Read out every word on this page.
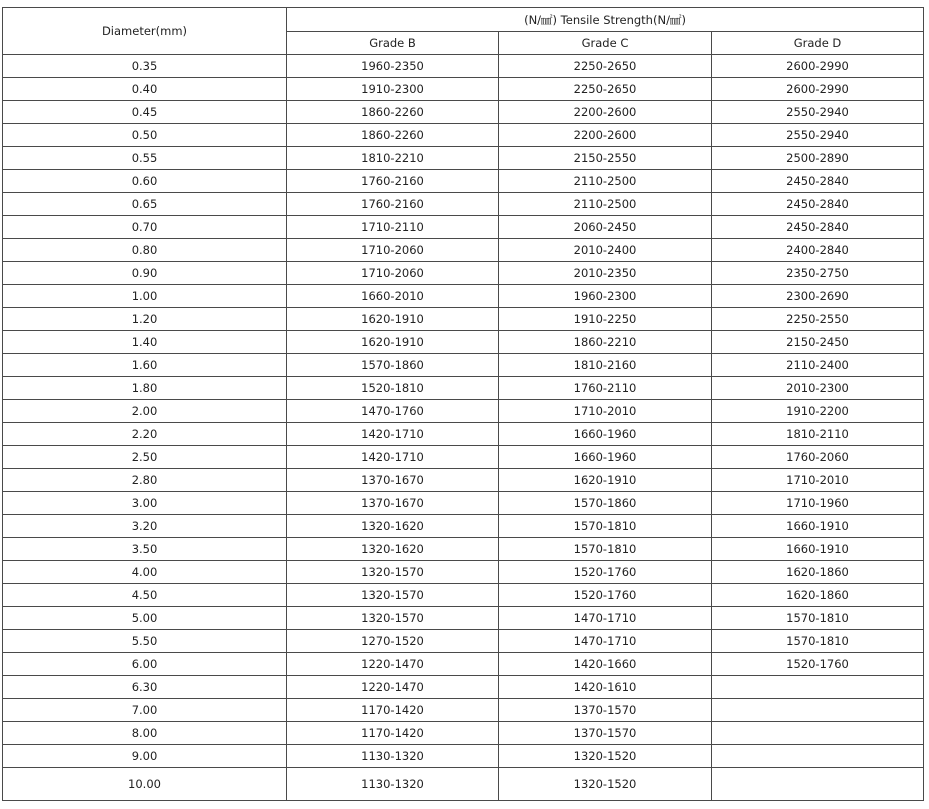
Diameter(mm)	(N/㎟) Tensile Strength(N/㎟)		
	Grade B	Grade C	Grade D
0.35	1960-2350	2250-2650	2600-2990
0.40	1910-2300	2250-2650	2600-2990
0.45	1860-2260	2200-2600	2550-2940
0.50	1860-2260	2200-2600	2550-2940
0.55	1810-2210	2150-2550	2500-2890
0.60	1760-2160	2110-2500	2450-2840
0.65	1760-2160	2110-2500	2450-2840
0.70	1710-2110	2060-2450	2450-2840
0.80	1710-2060	2010-2400	2400-2840
0.90	1710-2060	2010-2350	2350-2750
1.00	1660-2010	1960-2300	2300-2690
1.20	1620-1910	1910-2250	2250-2550
1.40	1620-1910	1860-2210	2150-2450
1.60	1570-1860	1810-2160	2110-2400
1.80	1520-1810	1760-2110	2010-2300
2.00	1470-1760	1710-2010	1910-2200
2.20	1420-1710	1660-1960	1810-2110
2.50	1420-1710	1660-1960	1760-2060
2.80	1370-1670	1620-1910	1710-2010
3.00	1370-1670	1570-1860	1710-1960
3.20	1320-1620	1570-1810	1660-1910
3.50	1320-1620	1570-1810	1660-1910
4.00	1320-1570	1520-1760	1620-1860
4.50	1320-1570	1520-1760	1620-1860
5.00	1320-1570	1470-1710	1570-1810
5.50	1270-1520	1470-1710	1570-1810
6.00	1220-1470	1420-1660	1520-1760
6.30	1220-1470	1420-1610	
7.00	1170-1420	1370-1570	
8.00	1170-1420	1370-1570	
9.00	1130-1320	1320-1520	
10.00	1130-1320	1320-1520	
